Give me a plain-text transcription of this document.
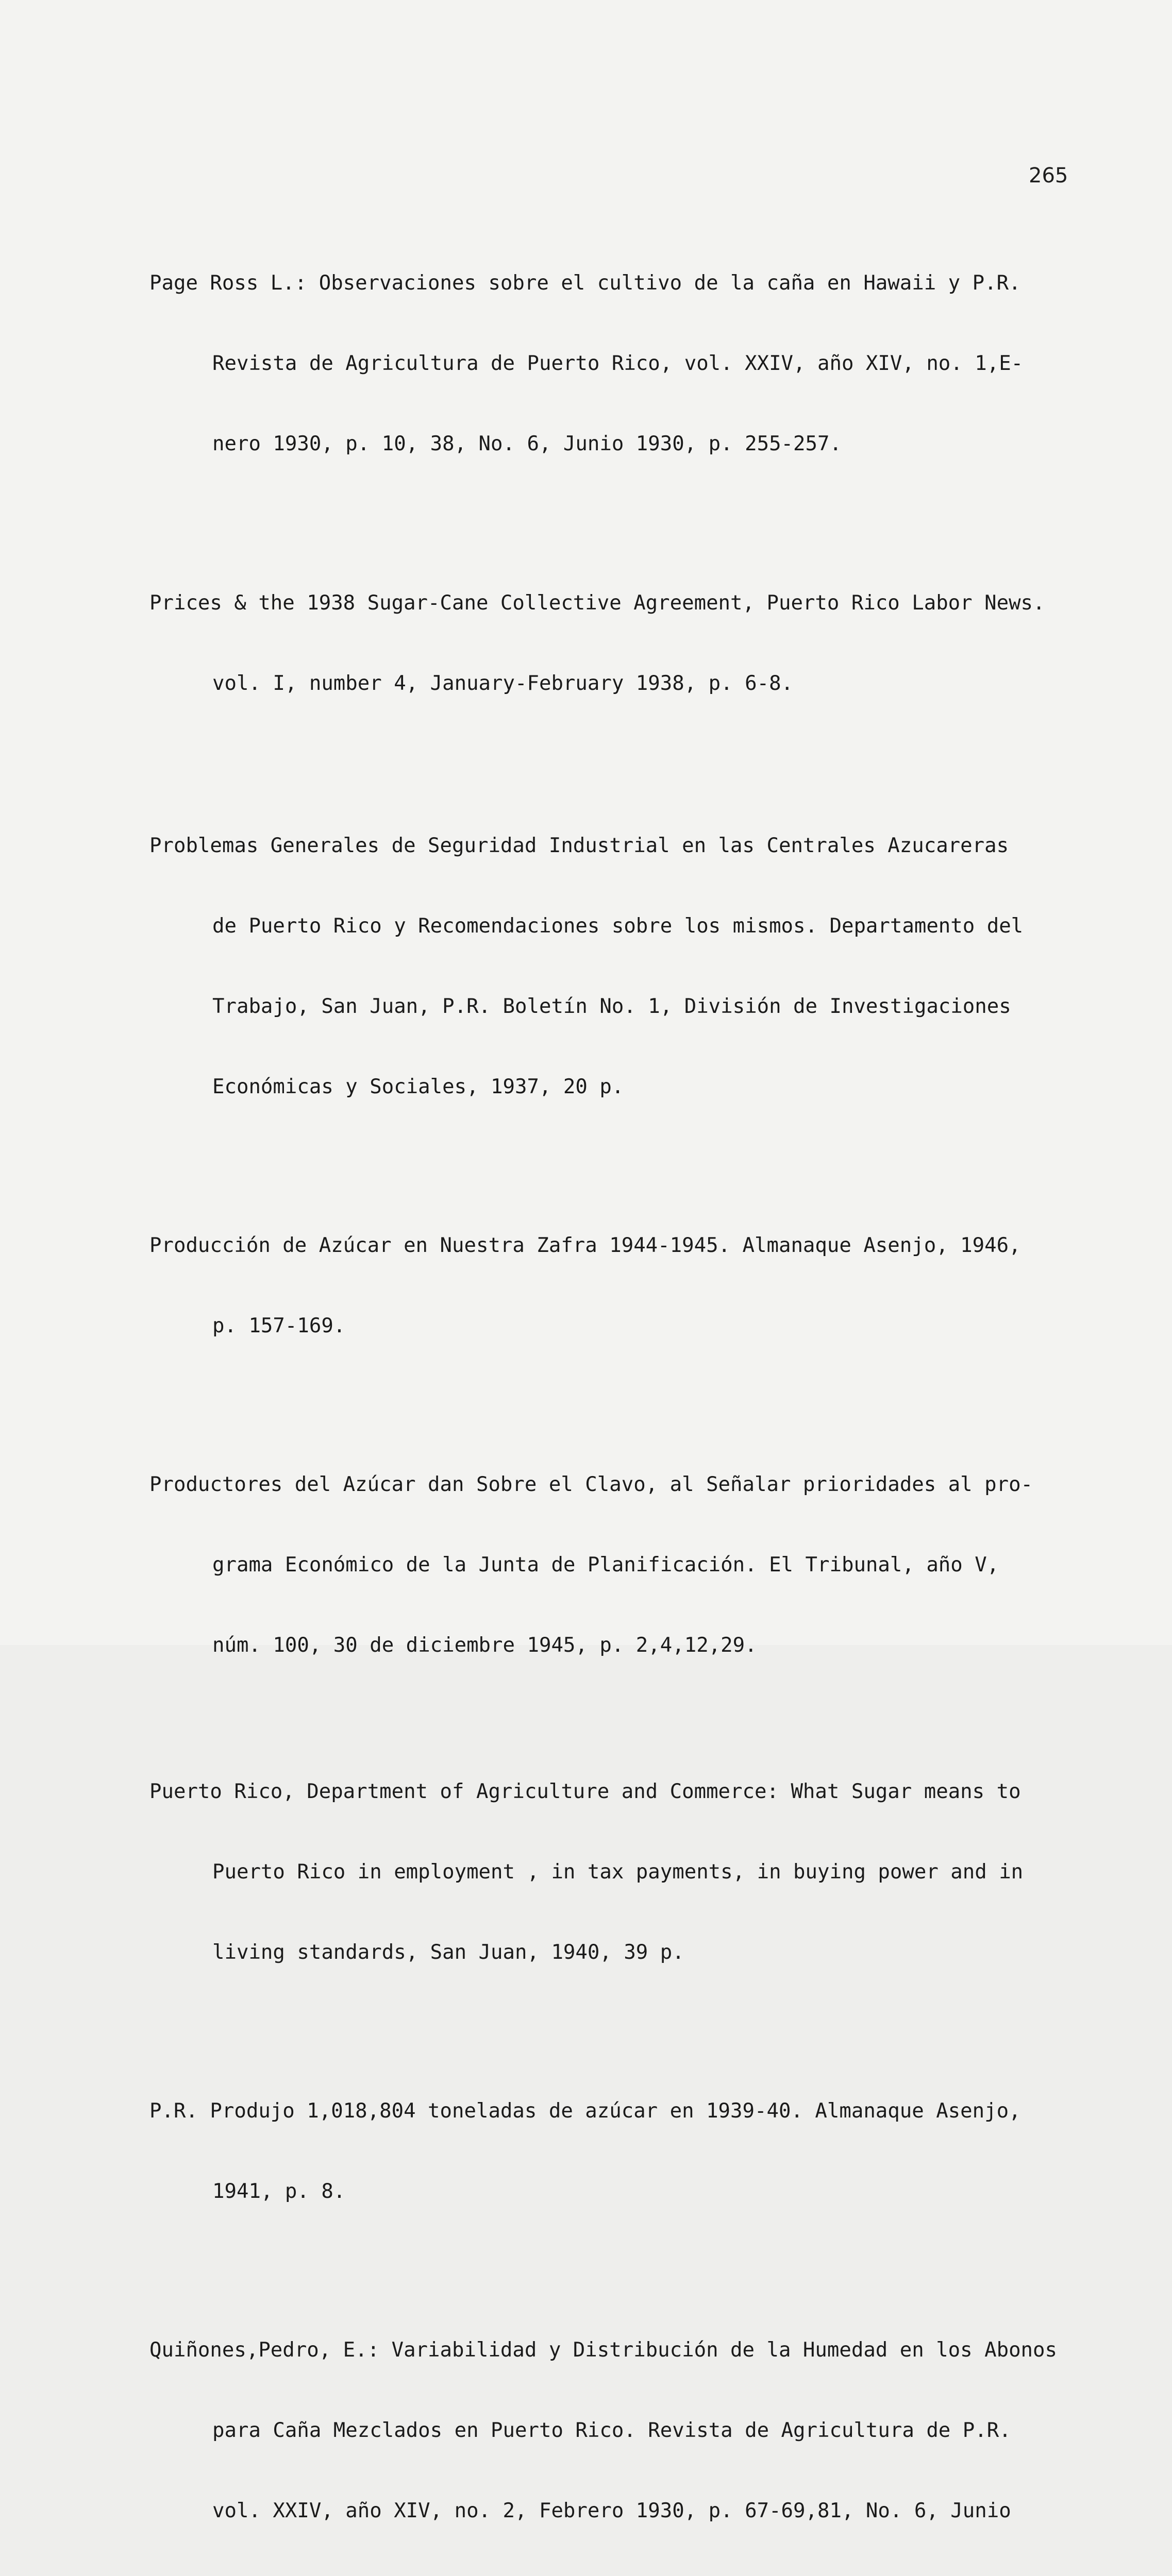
265

Page Ross L.: Observaciones sobre el cultivo de la caña en Hawaii y P.R.

Revista de Agricultura de Puerto Rico, vol. XXIV, año XIV, no. 1,E-

nero 1930, p. 10, 38, No. 6, Junio 1930, p. 255-257.

Prices & the 1938 Sugar-Cane Collective Agreement, Puerto Rico Labor News.

vol. I, number 4, January-February 1938, p. 6-8.

Problemas Generales de Seguridad Industrial en las Centrales Azucareras

de Puerto Rico y Recomendaciones sobre los mismos. Departamento del

Trabajo, San Juan, P.R. Boletín No. 1, División de Investigaciones

Económicas y Sociales, 1937, 20 p.

Producción de Azúcar en Nuestra Zafra 1944-1945. Almanaque Asenjo, 1946,

p. 157-169.

Productores del Azúcar dan Sobre el Clavo, al Señalar prioridades al pro-

grama Económico de la Junta de Planificación. El Tribunal, año V,

núm. 100, 30 de diciembre 1945, p. 2,4,12,29.

Puerto Rico, Department of Agriculture and Commerce: What Sugar means to

Puerto Rico in employment , in tax payments, in buying power and in

living standards, San Juan, 1940, 39 p.

P.R. Produjo 1,018,804 toneladas de azúcar en 1939-40. Almanaque Asenjo,

1941, p. 8.

Quiñones,Pedro, E.: Variabilidad y Distribución de la Humedad en los Abonos

para Caña Mezclados en Puerto Rico. Revista de Agricultura de P.R.

vol. XXIV, año XIV, no. 2, Febrero 1930, p. 67-69,81, No. 6, Junio
